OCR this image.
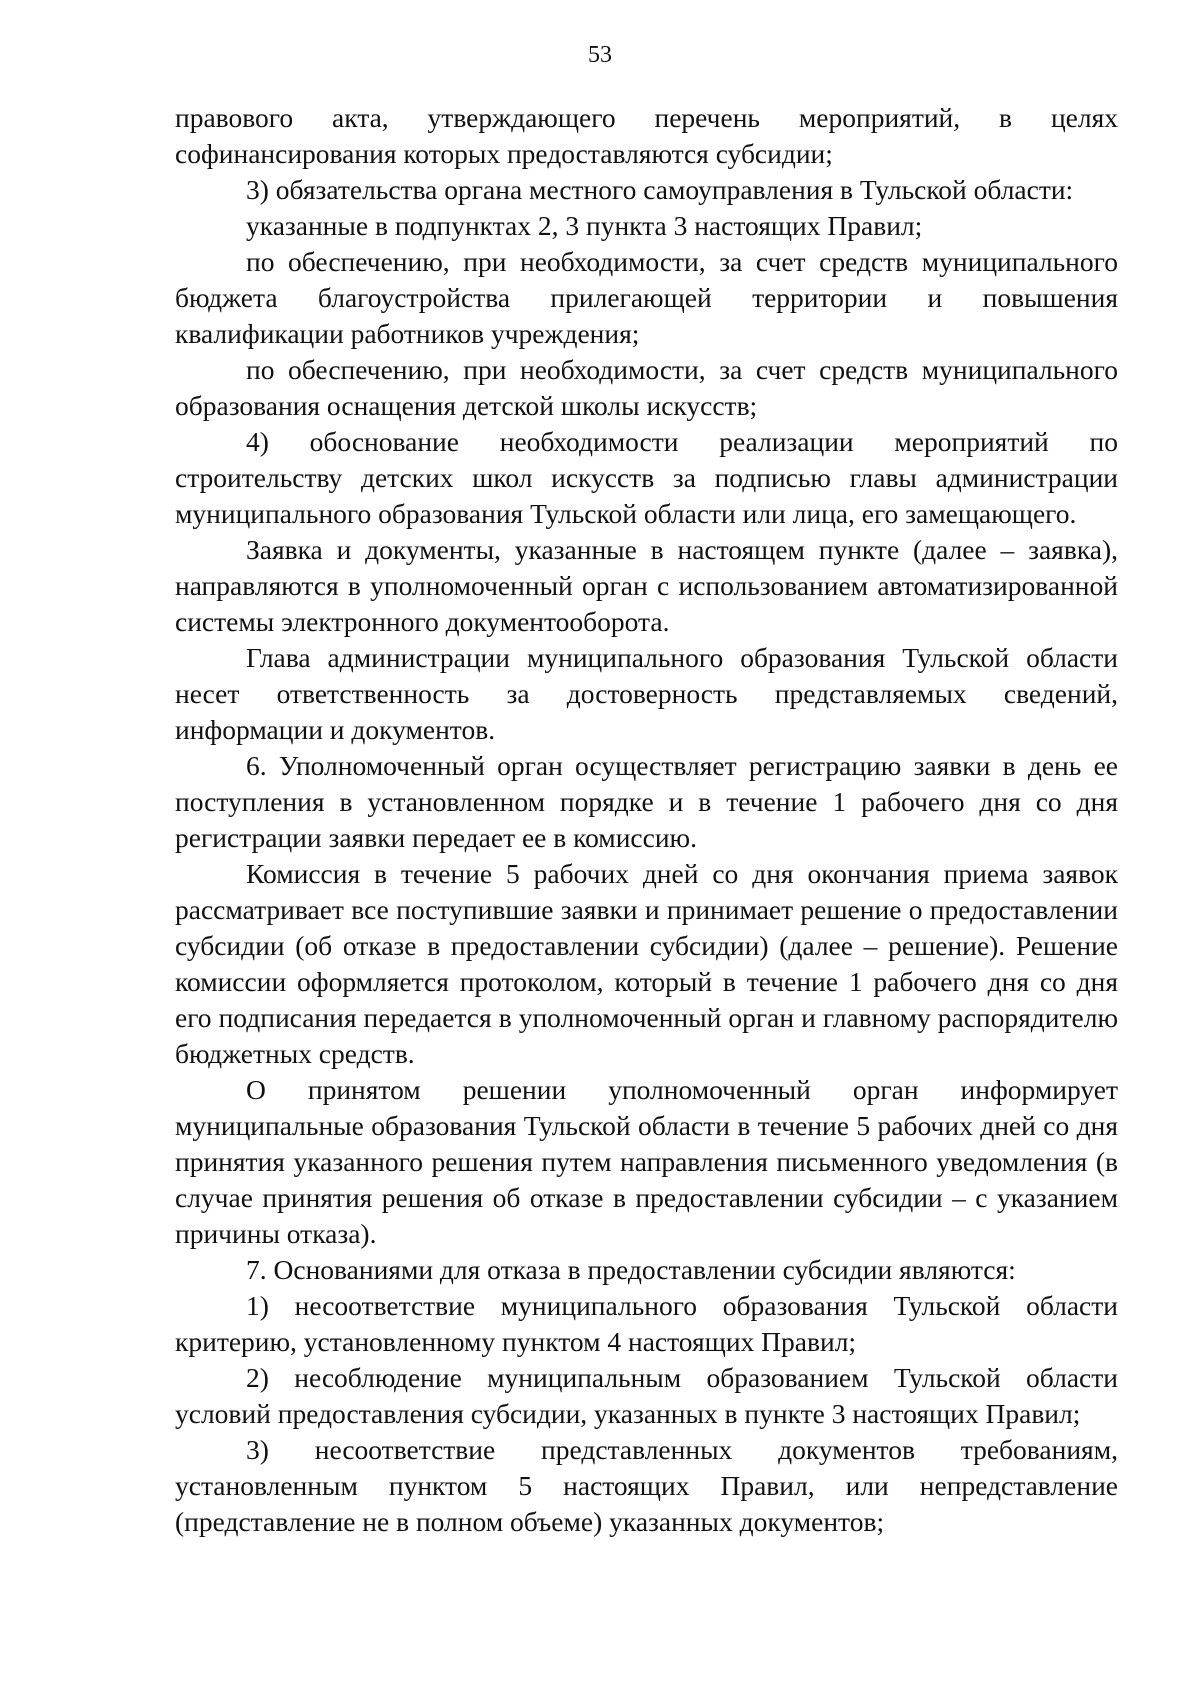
53

правового акта, утверждающего перечень мероприятий, в целях софинансирования которых предоставляются субсидии;

3) обязательства органа местного самоуправления в Тульской области:

указанные в подпунктах 2, 3 пункта 3 настоящих Правил;

по обеспечению, при необходимости, за счет средств муниципального бюджета благоустройства прилегающей территории и повышения квалификации работников учреждения;

по обеспечению, при необходимости, за счет средств муниципального образования оснащения детской школы искусств;

4) обоснование необходимости реализации мероприятий по строительству детских школ искусств за подписью главы администрации муниципального образования Тульской области или лица, его замещающего.

Заявка и документы, указанные в настоящем пункте (далее – заявка), направляются в уполномоченный орган с использованием автоматизированной системы электронного документооборота.

Глава администрации муниципального образования Тульской области несет ответственность за достоверность представляемых сведений, информации и документов.

6. Уполномоченный орган осуществляет регистрацию заявки в день ее поступления в установленном порядке и в течение 1 рабочего дня со дня регистрации заявки передает ее в комиссию.

Комиссия в течение 5 рабочих дней со дня окончания приема заявок рассматривает все поступившие заявки и принимает решение о предоставлении субсидии (об отказе в предоставлении субсидии) (далее – решение). Решение комиссии оформляется протоколом, который в течение 1 рабочего дня со дня его подписания передается в уполномоченный орган и главному распорядителю бюджетных средств.

О принятом решении уполномоченный орган информирует муниципальные образования Тульской области в течение 5 рабочих дней со дня принятия указанного решения путем направления письменного уведомления (в случае принятия решения об отказе в предоставлении субсидии – с указанием причины отказа).

7. Основаниями для отказа в предоставлении субсидии являются:

1) несоответствие муниципального образования Тульской области критерию, установленному пунктом 4 настоящих Правил;

2) несоблюдение муниципальным образованием Тульской области условий предоставления субсидии, указанных в пункте 3 настоящих Правил;

3) несоответствие представленных документов требованиям, установленным пунктом 5 настоящих Правил, или непредставление (представление не в полном объеме) указанных документов;
